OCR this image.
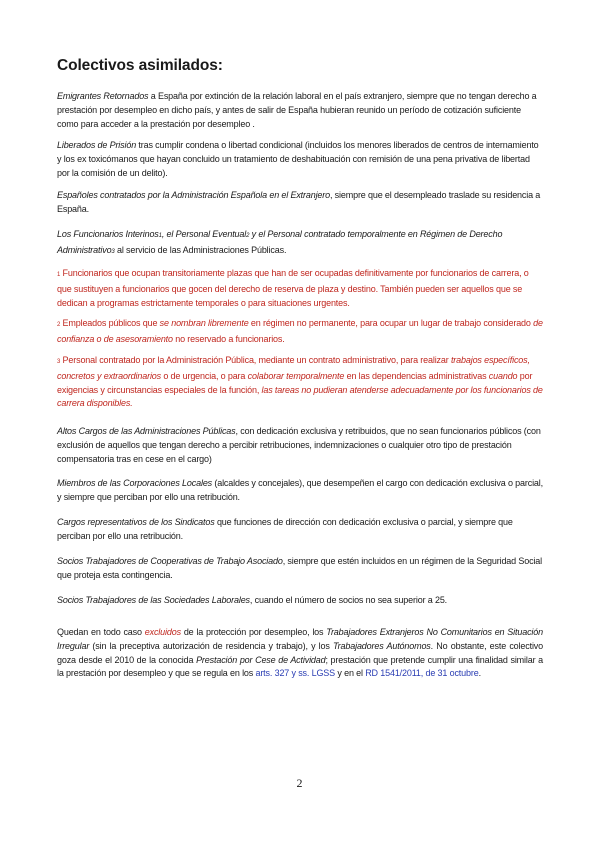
Colectivos asimilados:

Emigrantes Retornados a España por extinción de la relación laboral en el país extranjero, siempre que no tengan derecho a prestación por desempleo en dicho país, y antes de salir de España hubieran reunido un período de cotización suficiente como para acceder a la prestación por desempleo .

Liberados de Prisión tras cumplir condena o libertad condicional (incluidos los menores liberados de centros de internamiento y los ex toxicómanos que hayan concluido un tratamiento de deshabituación con remisión de una pena privativa de libertad por la comisión de un delito).

Españoles contratados por la Administración Española en el Extranjero, siempre que el desempleado traslade su residencia a España.

Los Funcionarios Interinos1, el Personal Eventual2 y el Personal contratado temporalmente en Régimen de Derecho Administrativo3 al servicio de las Administraciones Públicas.

1 Funcionarios que ocupan transitoriamente plazas que han de ser ocupadas definitivamente por funcionarios de carrera, o que sustituyen a funcionarios que gocen del derecho de reserva de plaza y destino. También pueden ser aquellos que se dedican a programas estrictamente temporales o para situaciones urgentes.

2 Empleados públicos que se nombran libremente en régimen no permanente, para ocupar un lugar de trabajo considerado de confianza o de asesoramiento no reservado a funcionarios.

3 Personal contratado por la Administración Pública, mediante un contrato administrativo, para realizar trabajos específicos, concretos y extraordinarios o de urgencia, o para colaborar temporalmente en las dependencias administrativas cuando por exigencias y circunstancias especiales de la función, las tareas no pudieran atenderse adecuadamente por los funcionarios de carrera disponibles.

Altos Cargos de las Administraciones Públicas, con dedicación exclusiva y retribuidos, que no sean funcionarios públicos (con exclusión de aquellos que tengan derecho a percibir retribuciones, indemnizaciones o cualquier otro tipo de prestación compensatoria tras en cese en el cargo)

Miembros de las Corporaciones Locales (alcaldes y concejales), que desempeñen el cargo con dedicación exclusiva o parcial, y siempre que perciban por ello una retribución.

Cargos representativos de los Sindicatos que funciones de dirección con dedicación exclusiva o parcial, y siempre que perciban por ello una retribución.

Socios Trabajadores de Cooperativas de Trabajo Asociado, siempre que estén incluidos en un régimen de la Seguridad Social que proteja esta contingencia.

Socios Trabajadores de las Sociedades Laborales, cuando el número de socios no sea superior a 25.

Quedan en todo caso excluidos de la protección por desempleo, los Trabajadores Extranjeros No Comunitarios en Situación Irregular (sin la preceptiva autorización de residencia y trabajo), y los Trabajadores Autónomos. No obstante, este colectivo goza desde el 2010 de la conocida Prestación por Cese de Actividad; prestación que pretende cumplir una finalidad similar a la prestación por desempleo y que se regula en los arts. 327 y ss. LGSS y en el RD 1541/2011, de 31 octubre.

2
